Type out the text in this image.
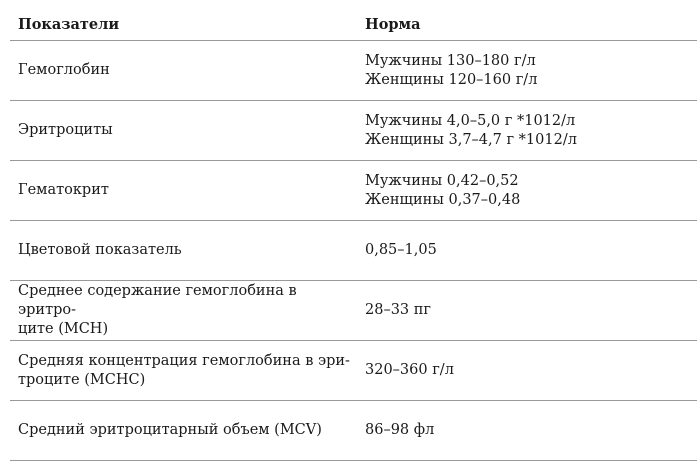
Показатели	Норма
Гемоглобин	Мужчины 130–180 г/л
Женщины 120–160 г/л

Эритроциты	Мужчины 4,0–5,0 г *1012/л
Женщины 3,7–4,7 г *1012/л

Гематокрит	Мужчины 0,42–0,52
Женщины 0,37–0,48

Цветовой показатель	0,85–1,05

Среднее содержание гемоглобина в эритро-
ците (MCH)	28–33 пг

Средняя концентрация гемоглобина в эри-
троците (MCHC)	320–360 г/л
Средний эритроцитарный объем (MCV)	86–98 фл
